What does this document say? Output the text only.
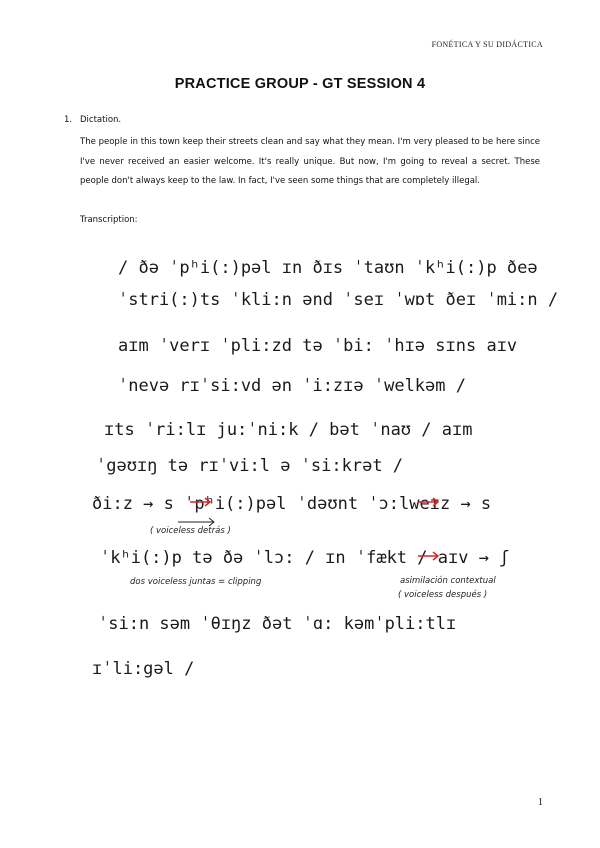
FONÉTICA Y SU DIDÁCTICA
PRACTICE GROUP - GT SESSION 4
1. Dictation.
The people in this town keep their streets clean and say what they mean. I'm very pleased to be here since I've never received an easier welcome. It's really unique. But now, I'm going to reveal a secret. These people don't always keep to the law. In fact, I've seen some things that are completely illegal.
Transcription:
/ ðə ˈpʰi(:)pəl ɪn ðɪs ˈtaʊn ˈkʰi(:)p ðeə
ˈstri(:)ts ˈkli:n ənd ˈseɪ ˈwɒt ðeɪ ˈmi:n /
aɪm ˈverɪ ˈpli:zd tə ˈbi: ˈhɪə sɪns aɪv
ˈnevə rɪˈsi:vd ən ˈi:zɪə ˈwelkəm /
ɪts ˈri:lɪ ju:ˈni:k / bət ˈnaʊ / aɪm
ˈgəʊɪŋ tə rɪˈvi:l ə ˈsi:krət /
ði:z → s ˈpʰi(:)pəl ˈdəʊnt ˈɔ:lweɪz → s
( voiceless detrás )
ˈkʰi(:)p tə ðə ˈlɔ: / ɪn ˈfækt / aɪv → ʃ
dos voiceless juntas = clipping	asimilación contextual
( voiceless después )
ˈsi:n səm ˈθɪŋz ðət ˈɑ: kəmˈpli:tlɪ
ɪˈli:gəl /
1
